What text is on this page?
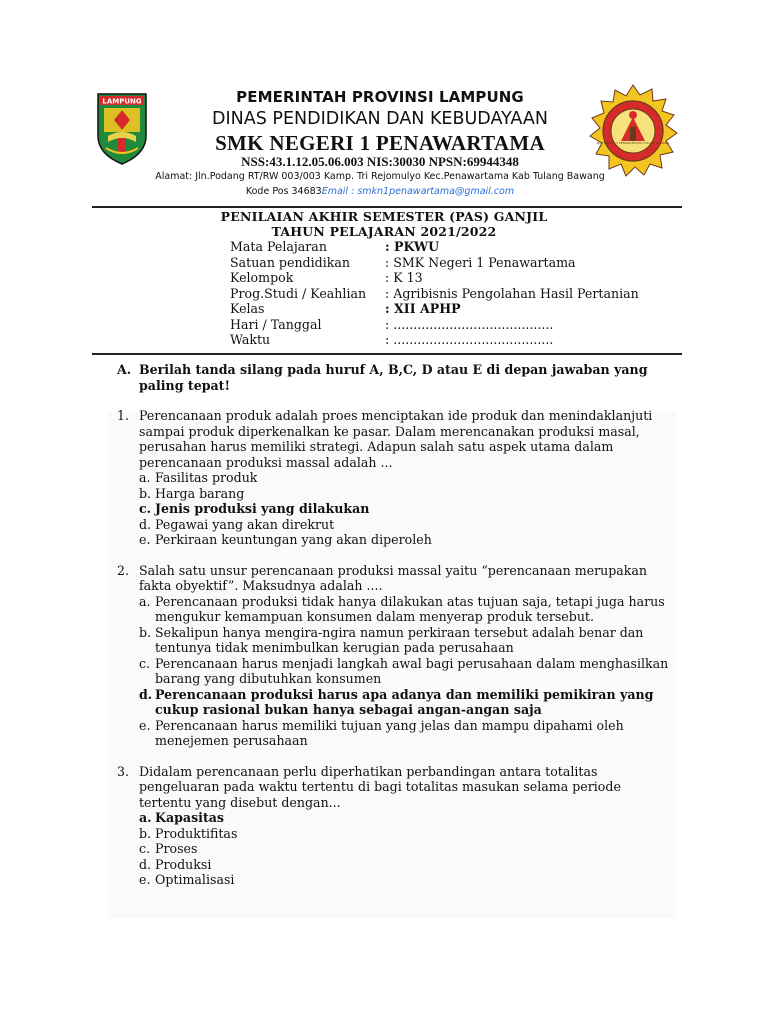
LAMPUNG
SMK NEGERI 1 PENAWARTAMA TULANG BAWANG
PEMERINTAH PROVINSI LAMPUNG
DINAS PENDIDIKAN DAN KEBUDAYAAN
SMK NEGERI 1 PENAWARTAMA
NSS:43.1.12.05.06.003 NIS:30030 NPSN:69944348
Alamat: Jln.Podang RT/RW 003/003 Kamp. Tri Rejomulyo Kec.Penawartama Kab Tulang Bawang
Kode Pos 34683Email : smkn1penawartama@gmail.com
PENILAIAN AKHIR SEMESTER (PAS) GANJIL
TAHUN PELAJARAN 2021/2022
Mata Pelajaran	: PKWU
Satuan pendidikan	: SMK Negeri 1 Penawartama
Kelompok	: K 13
Prog.Studi / Keahlian	: Agribisnis Pengolahan Hasil Pertanian
Kelas	: XII APHP
Hari / Tanggal	: ........................................
Waktu	: ........................................
A. Berilah tanda silang pada huruf A, B,C, D atau E di depan jawaban yang paling tepat!
1. Perencanaan produk adalah proes menciptakan ide produk dan menindaklanjuti sampai produk diperkenalkan ke pasar. Dalam merencanakan produksi masal, perusahan harus memiliki strategi. Adapun salah satu aspek utama dalam perencanaan produksi massal adalah ...
a. Fasilitas produk
b. Harga barang
c. Jenis produksi yang dilakukan
d. Pegawai yang akan direkrut
e. Perkiraan keuntungan yang akan diperoleh
2. Salah satu unsur perencanaan produksi massal yaitu “perencanaan merupakan fakta obyektif”. Maksudnya adalah ....
a. Perencanaan produksi tidak hanya dilakukan atas tujuan saja, tetapi juga harus mengukur kemampuan konsumen dalam menyerap produk tersebut.
b. Sekalipun hanya mengira-ngira namun perkiraan tersebut adalah benar dan tentunya tidak menimbulkan kerugian pada perusahaan
c. Perencanaan harus menjadi langkah awal bagi perusahaan dalam menghasilkan barang yang dibutuhkan konsumen
d. Perencanaan produksi harus apa adanya dan memiliki pemikiran yang cukup rasional bukan hanya sebagai angan-angan saja
e. Perencanaan harus memiliki tujuan yang jelas dan mampu dipahami oleh menejemen perusahaan
3. Didalam perencanaan perlu diperhatikan perbandingan antara totalitas pengeluaran pada waktu tertentu di bagi totalitas masukan selama periode tertentu yang disebut dengan...
a. Kapasitas
b. Produktifitas
c. Proses
d. Produksi
e. Optimalisasi
